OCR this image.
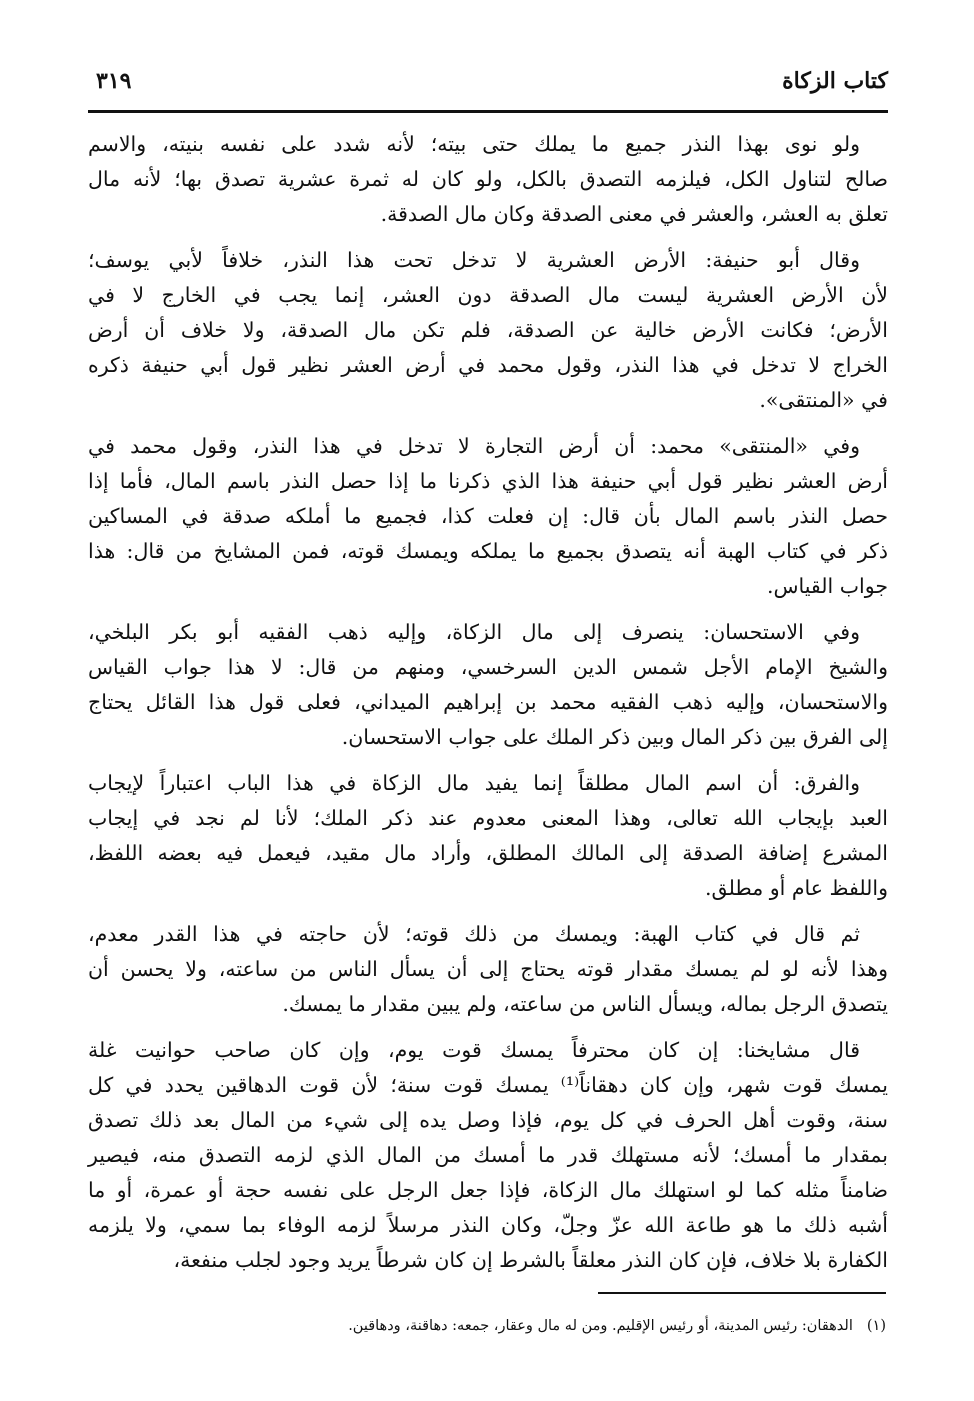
كتاب الزكاة
٣١٩
ولو نوى بهذا النذر جميع ما يملك حتى بيته؛ لأنه شدد على نفسه بنيته، والاسم
صالح لتناول الكل، فيلزمه التصدق بالكل، ولو كان له ثمرة عشرية تصدق بها؛ لأنه مال
تعلق به العشر، والعشر في معنى الصدقة وكان مال الصدقة.
وقال أبو حنيفة: الأرض العشرية لا تدخل تحت هذا النذر، خلافاً لأبي يوسف؛
لأن الأرض العشرية ليست مال الصدقة دون العشر، إنما يجب في الخارج لا في
الأرض؛ فكانت الأرض خالية عن الصدقة، فلم تكن مال الصدقة، ولا خلاف أن أرض
الخراج لا تدخل في هذا النذر، وقول محمد في أرض العشر نظير قول أبي حنيفة ذكره
في «المنتقى».
وفي «المنتقى» محمد: أن أرض التجارة لا تدخل في هذا النذر، وقول محمد في
أرض العشر نظير قول أبي حنيفة هذا الذي ذكرنا ما إذا حصل النذر باسم المال، فأما إذا
حصل النذر باسم المال بأن قال: إن فعلت كذا، فجميع ما أملكه صدقة في المساكين
ذكر في كتاب الهبة أنه يتصدق بجميع ما يملكه ويمسك قوته، فمن المشايخ من قال: هذا
جواب القياس.
وفي الاستحسان: ينصرف إلى مال الزكاة، وإليه ذهب الفقيه أبو بكر البلخي،
والشيخ الإمام الأجل شمس الدين السرخسي، ومنهم من قال: لا هذا جواب القياس
والاستحسان، وإليه ذهب الفقيه محمد بن إبراهيم الميداني، فعلى قول هذا القائل يحتاج
إلى الفرق بين ذكر المال وبين ذكر الملك على جواب الاستحسان.
والفرق: أن اسم المال مطلقاً إنما يفيد مال الزكاة في هذا الباب اعتباراً لإيجاب
العبد بإيجاب الله تعالى، وهذا المعنى معدوم عند ذكر الملك؛ لأنا لم نجد في إيجاب
المشرع إضافة الصدقة إلى المالك المطلق، وأراد مال مقيد، فيعمل فيه بعضه اللفظ،
واللفظ عام أو مطلق.
ثم قال في كتاب الهبة: ويمسك من ذلك قوته؛ لأن حاجته في هذا القدر معدم،
وهذا لأنه لو لم يمسك مقدار قوته يحتاج إلى أن يسأل الناس من ساعته، ولا يحسن أن
يتصدق الرجل بماله، ويسأل الناس من ساعته، ولم يبين مقدار ما يمسك.
قال مشايخنا: إن كان محترفاً يمسك قوت يوم، وإن كان صاحب حوانيت غلة
يمسك قوت شهر، وإن كان دهقاناً⁽¹⁾ يمسك قوت سنة؛ لأن قوت الدهاقين يحدد في كل
سنة، وقوت أهل الحرف في كل يوم، فإذا وصل يده إلى شيء من المال بعد ذلك تصدق
بمقدار ما أمسك؛ لأنه مستهلك قدر ما أمسك من المال الذي لزمه التصدق منه، فيصير
ضامناً مثله كما لو استهلك مال الزكاة، فإذا جعل الرجل على نفسه حجة أو عمرة، أو ما
أشبه ذلك ما هو طاعة الله عزّ وجلّ، وكان النذر مرسلاً لزمه الوفاء بما سمي، ولا يلزمه
الكفارة بلا خلاف، فإن كان النذر معلقاً بالشرط إن كان شرطاً يريد وجود لجلب منفعة،
(١)الدهقان: رئيس المدينة، أو رئيس الإقليم. ومن له مال وعقار، جمعه: دهاقنة، ودهاقين.
